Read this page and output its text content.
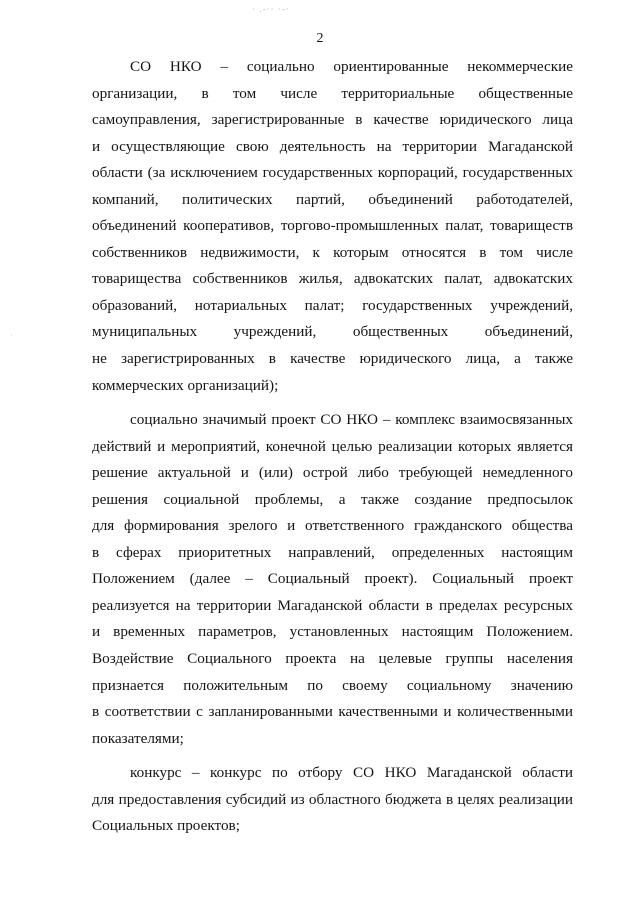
· .-·· ·-·
·
2
СО НКО – социально ориентированные некоммерческие
организации, в том числе территориальные общественные
самоуправления, зарегистрированные в качестве юридического лица
и осуществляющие свою деятельность на территории Магаданской
области (за исключением государственных корпораций, государственных
компаний, политических партий, объединений работодателей,
объединений кооперативов, торгово-промышленных палат, товариществ
собственников недвижимости, к которым относятся в том числе
товарищества собственников жилья, адвокатских палат, адвокатских
образований, нотариальных палат; государственных учреждений,
муниципальных учреждений, общественных объединений,
не зарегистрированных в качестве юридического лица, а также
коммерческих организаций);
социально значимый проект СО НКО – комплекс взаимосвязанных
действий и мероприятий, конечной целью реализации которых является
решение актуальной и (или) острой либо требующей немедленного
решения социальной проблемы, а также создание предпосылок
для формирования зрелого и ответственного гражданского общества
в сферах приоритетных направлений, определенных настоящим
Положением (далее – Социальный проект). Социальный проект
реализуется на территории Магаданской области в пределах ресурсных
и временных параметров, установленных настоящим Положением.
Воздействие Социального проекта на целевые группы населения
признается положительным по своему социальному значению
в соответствии с запланированными качественными и количественными
показателями;
конкурс – конкурс по отбору СО НКО Магаданской области
для предоставления субсидий из областного бюджета в целях реализации
Социальных проектов;
